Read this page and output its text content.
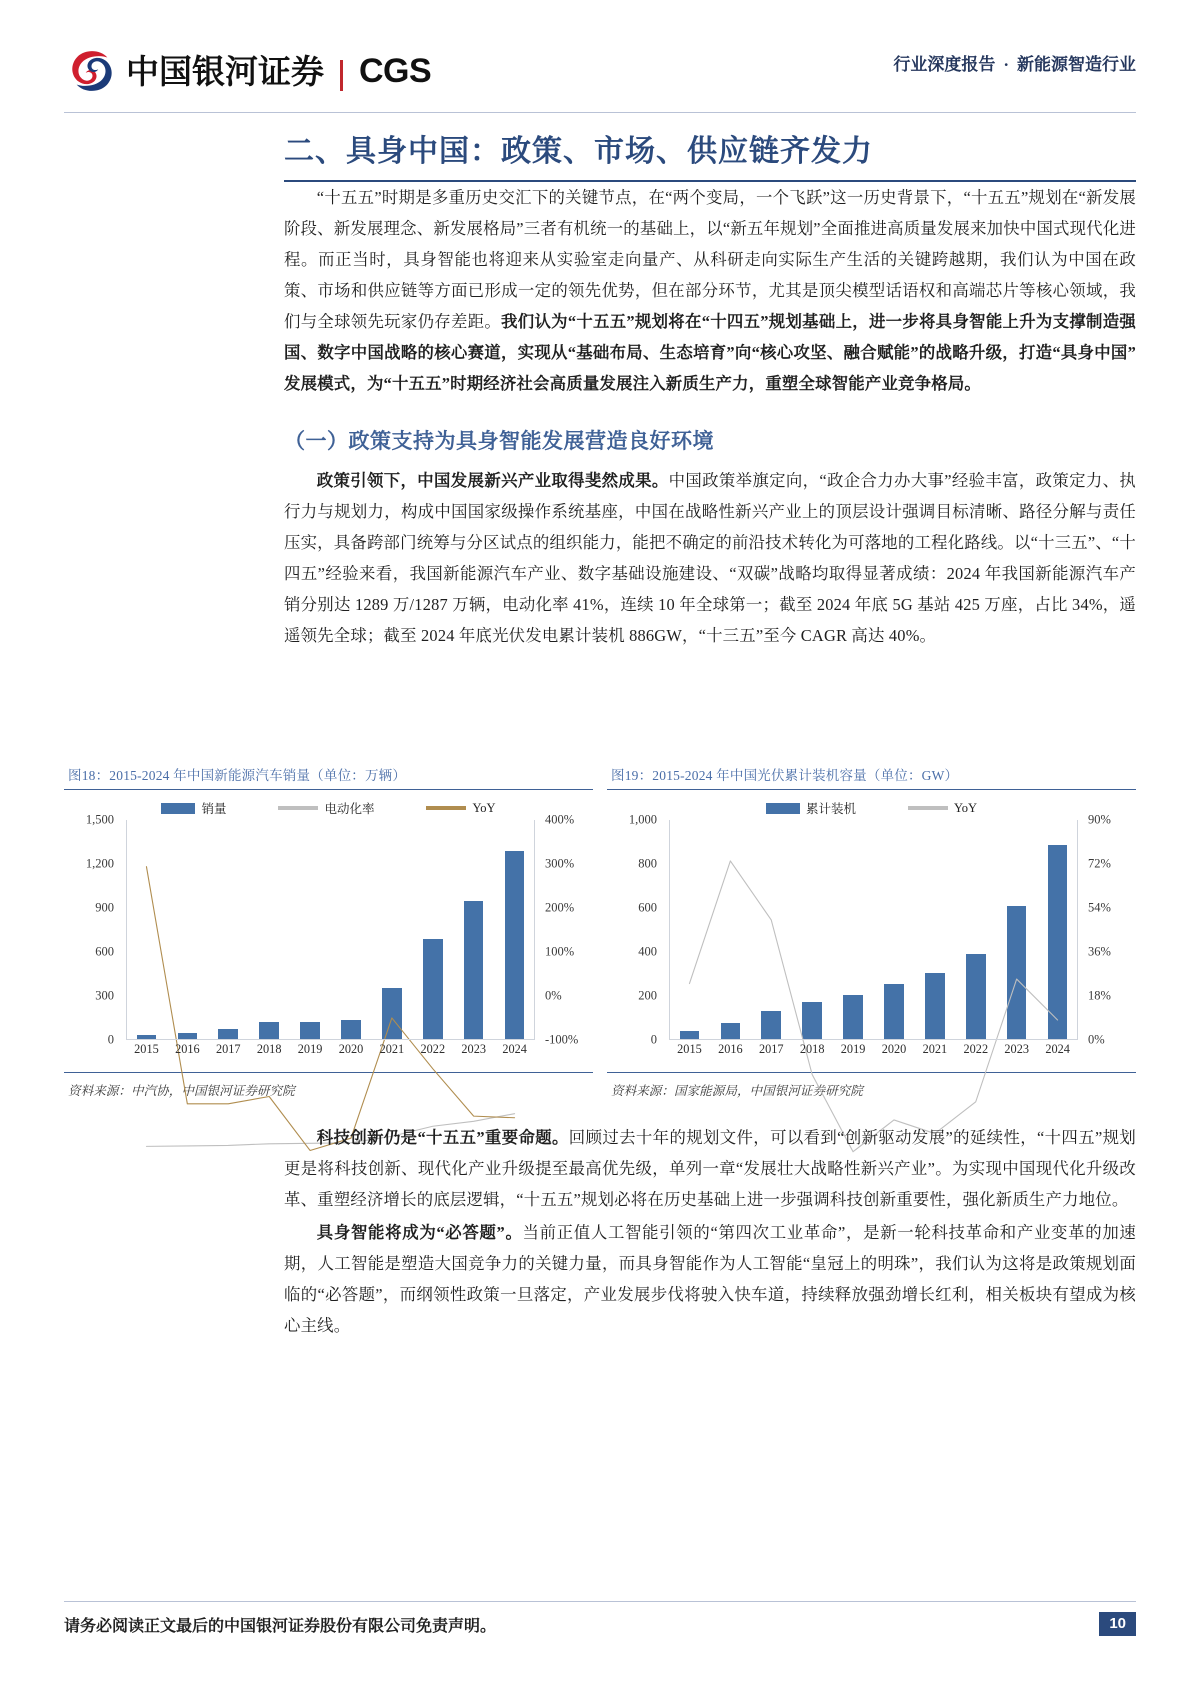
中国银河证券 CGS	行业深度报告 · 新能源智造行业
二、具身中国：政策、市场、供应链齐发力

“十五五”时期是多重历史交汇下的关键节点，在“两个变局，一个飞跃”这一历史背景下，“十五五”规划在“新发展阶段、新发展理念、新发展格局”三者有机统一的基础上，以“新五年规划”全面推进高质量发展来加快中国式现代化进程。而正当时，具身智能也将迎来从实验室走向量产、从科研走向实际生产生活的关键跨越期，我们认为中国在政策、市场和供应链等方面已形成一定的领先优势，但在部分环节，尤其是顶尖模型话语权和高端芯片等核心领域，我们与全球领先玩家仍存差距。我们认为“十五五”规划将在“十四五”规划基础上，进一步将具身智能上升为支撑制造强国、数字中国战略的核心赛道，实现从“基础布局、生态培育”向“核心攻坚、融合赋能”的战略升级，打造“具身中国”发展模式，为“十五五”时期经济社会高质量发展注入新质生产力，重塑全球智能产业竞争格局。

（一）政策支持为具身智能发展营造良好环境

政策引领下，中国发展新兴产业取得斐然成果。中国政策举旗定向，“政企合力办大事”经验丰富，政策定力、执行力与规划力，构成中国国家级操作系统基座，中国在战略性新兴产业上的顶层设计强调目标清晰、路径分解与责任压实，具备跨部门统筹与分区试点的组织能力，能把不确定的前沿技术转化为可落地的工程化路线。以“十三五”、“十四五”经验来看，我国新能源汽车产业、数字基础设施建设、“双碳”战略均取得显著成绩：2024 年我国新能源汽车产销分别达 1289 万/1287 万辆，电动化率 41%，连续 10 年全球第一；截至 2024 年底 5G 基站 425 万座，占比 34%，遥遥领先全球；截至 2024 年底光伏发电累计装机 886GW，“十三五”至今 CAGR 高达 40%。

图18：2015-2024 年中国新能源汽车销量（单位：万辆）
销量	电动化率	YoY
0
300
600
900
1,200
1,500
-100%
0%
100%
200%
300%
400%
2015	2016	2017	2018	2019	2020	2021	2022	2023	2024
资料来源：中汽协，中国银河证券研究院
图19：2015-2024 年中国光伏累计装机容量（单位：GW）
累计装机	YoY
0
200
400
600
800
1,000
0%
18%
36%
54%
72%
90%
2015	2016	2017	2018	2019	2020	2021	2022	2023	2024
资料来源：国家能源局，中国银河证券研究院

科技创新仍是“十五五”重要命题。回顾过去十年的规划文件，可以看到“创新驱动发展”的延续性，“十四五”规划更是将科技创新、现代化产业升级提至最高优先级，单列一章“发展壮大战略性新兴产业”。为实现中国现代化升级改革、重塑经济增长的底层逻辑，“十五五”规划必将在历史基础上进一步强调科技创新重要性，强化新质生产力地位。

具身智能将成为“必答题”。当前正值人工智能引领的“第四次工业革命”，是新一轮科技革命和产业变革的加速期，人工智能是塑造大国竞争力的关键力量，而具身智能作为人工智能“皇冠上的明珠”，我们认为这将是政策规划面临的“必答题”，而纲领性政策一旦落定，产业发展步伐将驶入快车道，持续释放强劲增长红利，相关板块有望成为核心主线。

请务必阅读正文最后的中国银河证券股份有限公司免责声明。	10
